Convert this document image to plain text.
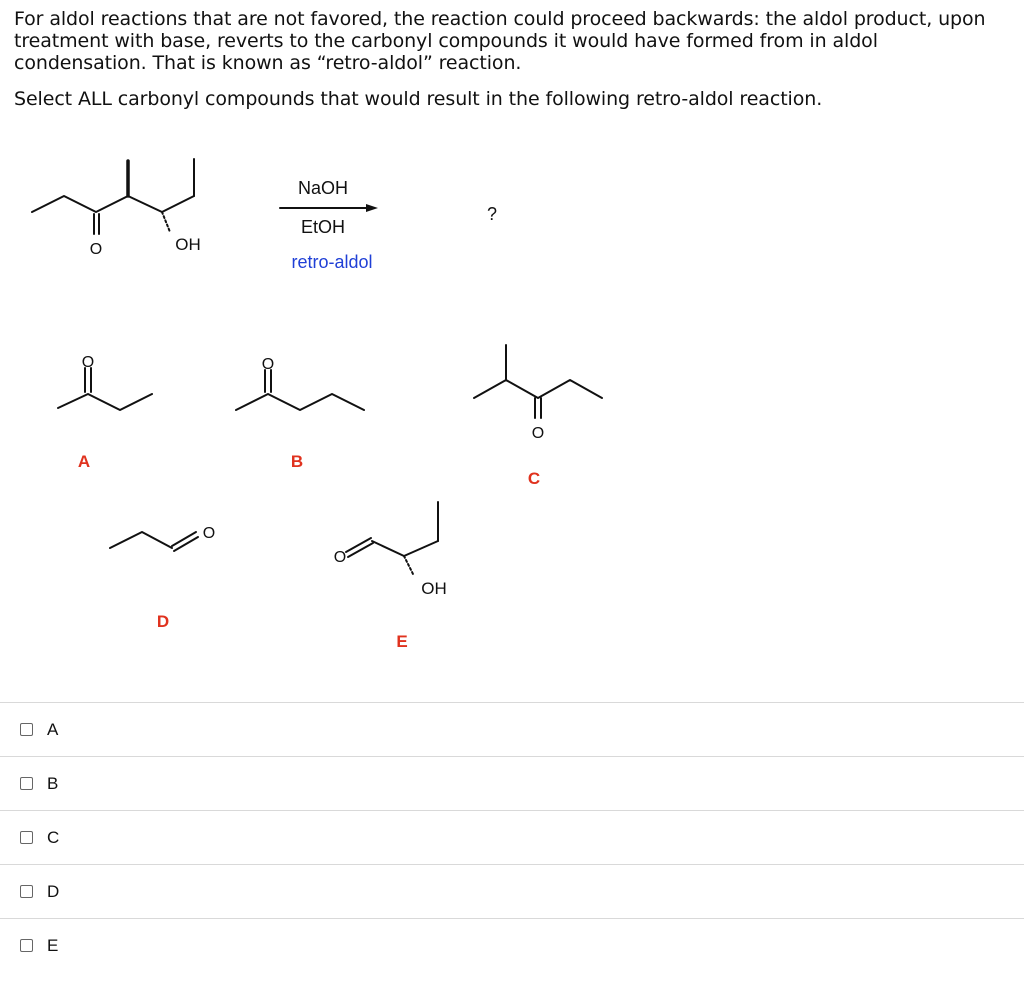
For aldol reactions that are not favored, the reaction could proceed backwards: the aldol product, upon treatment with base, reverts to the carbonyl compounds it would have formed from in aldol condensation. That is known as “retro-aldol” reaction.

Select ALL carbonyl compounds that would result in the following retro-aldol reaction.

O	OH
NaOH
EtOH
retro-aldol
?
O
A
O
B
O
C
O
D
O
OH
E
A
B
C
D
E
